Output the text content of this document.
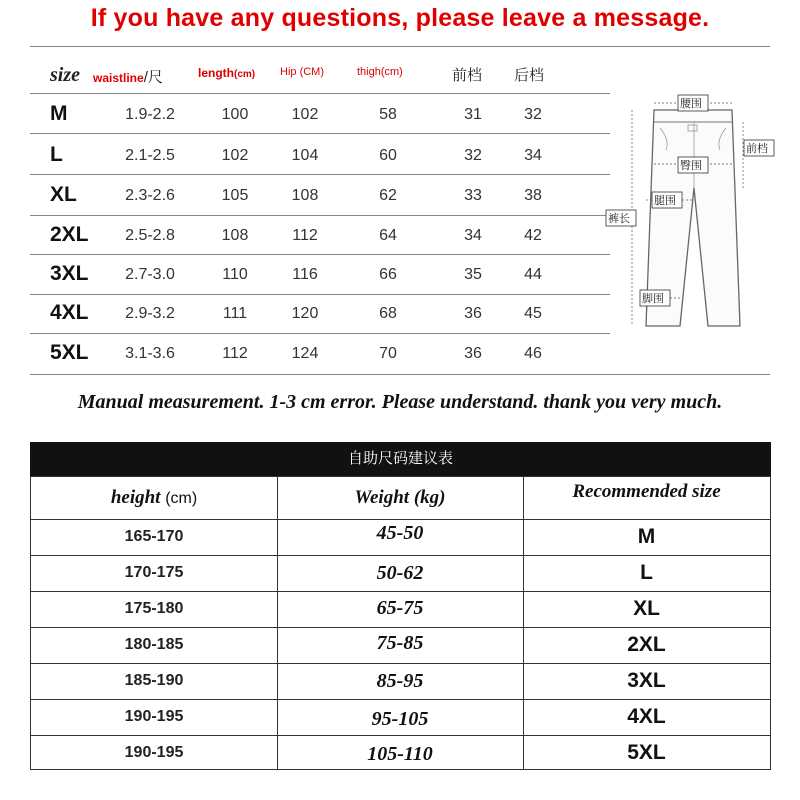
If you have any questions, please leave a message.
size waistline/尺	length(cm) Hip (CM)	thigh(cm)	前档 后档
M	1.9-2.2	100	102	58	31	32
L	2.1-2.5	102	104	60	32	34
XL	2.3-2.6	105	108	62	33	38
2XL	2.5-2.8	108	112	64	34	42
3XL	2.7-3.0	110	116	66	35	44
4XL	2.9-3.2	111	120	68	36	45
5XL	3.1-3.6	112	124	70	36	46
腰围
前档
臀围
腿围
裤长
脚围
Manual measurement. 1-3 cm error. Please understand. thank you very much.
自助尺码建议表
height (cm)	Weight (kg)	Recommended size
165-170	45-50	M
170-175	50-62	L
175-180	65-75	XL
180-185	75-85	2XL
185-190	85-95	3XL
190-195	95-105	4XL
190-195	105-110	5XL
